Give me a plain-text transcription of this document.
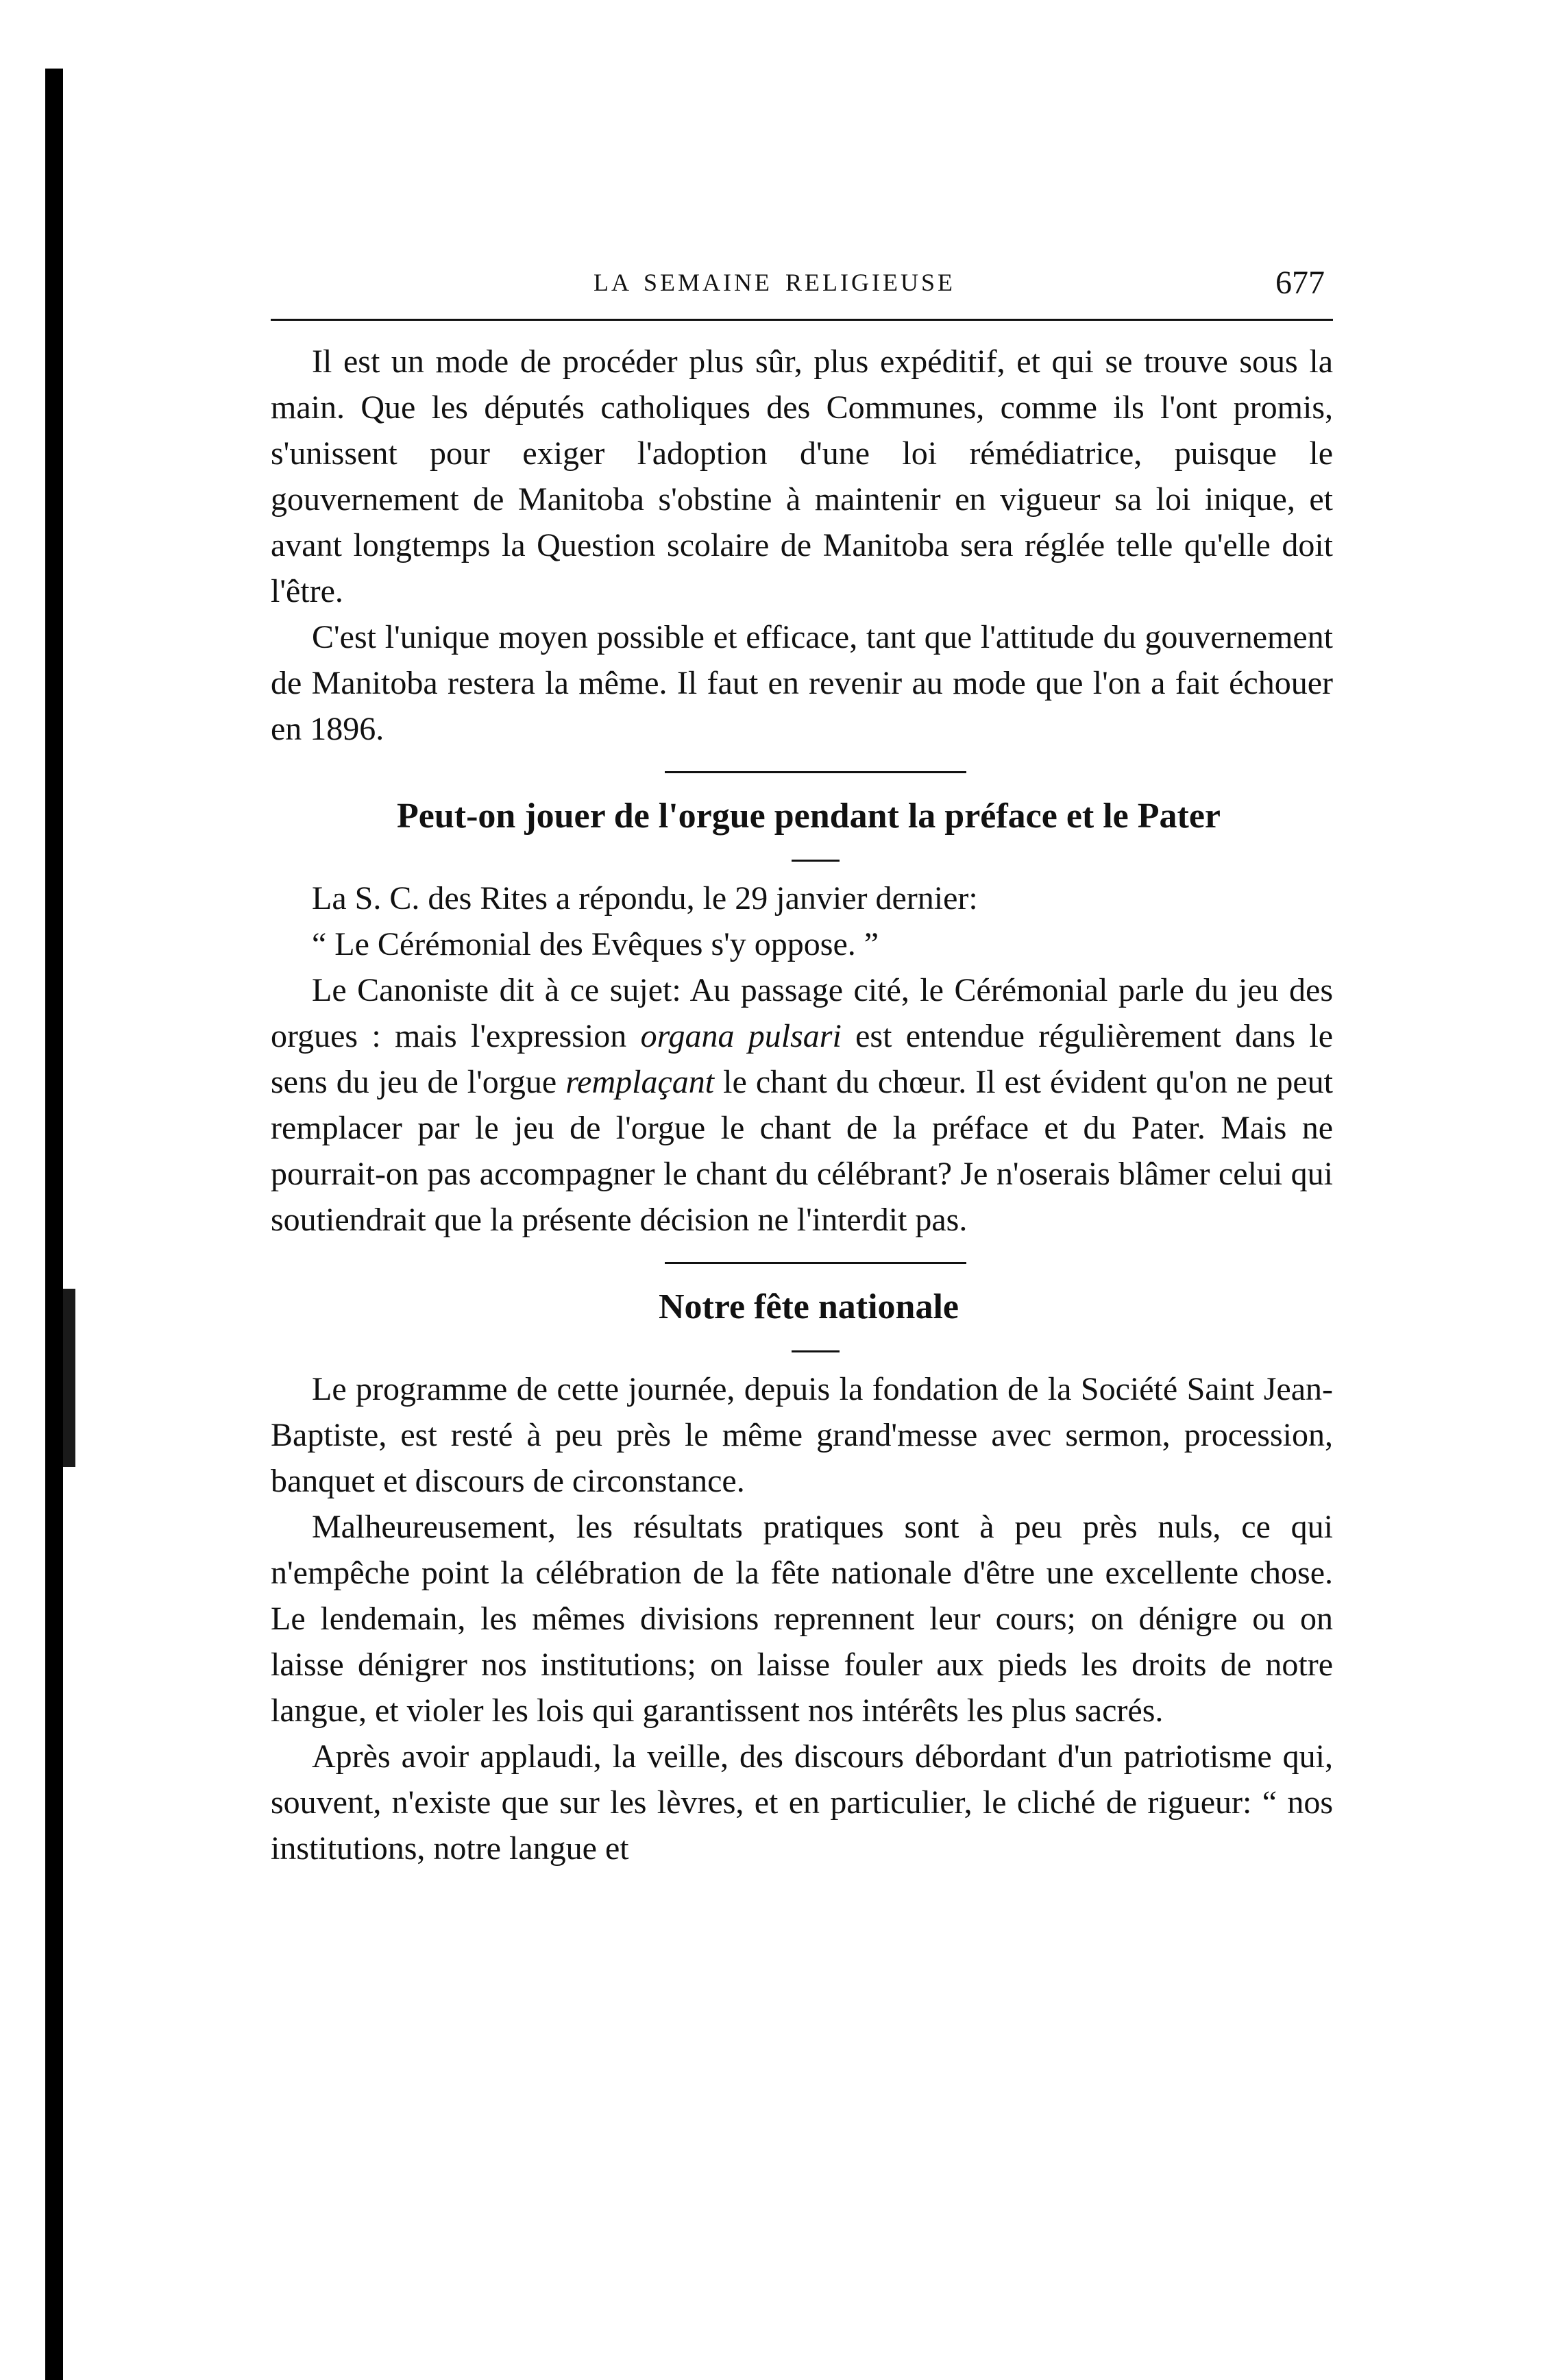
LA SEMAINE RELIGIEUSE	677

Il est un mode de procéder plus sûr, plus expéditif, et qui se trouve sous la main. Que les députés catholiques des Communes, comme ils l'ont promis, s'unissent pour exiger l'adoption d'une loi rémédiatrice, puisque le gouvernement de Manitoba s'obstine à maintenir en vigueur sa loi inique, et avant longtemps la Question scolaire de Manitoba sera réglée telle qu'elle doit l'être.

C'est l'unique moyen possible et efficace, tant que l'attitude du gouvernement de Manitoba restera la même. Il faut en revenir au mode que l'on a fait échouer en 1896.

Peut-on jouer de l'orgue pendant la préface et le Pater

La S. C. des Rites a répondu, le 29 janvier dernier:

“ Le Cérémonial des Evêques s'y oppose. ”

Le Canoniste dit à ce sujet: Au passage cité, le Cérémonial parle du jeu des orgues : mais l'expression organa pulsari est entendue régulièrement dans le sens du jeu de l'orgue remplaçant le chant du chœur. Il est évident qu'on ne peut remplacer par le jeu de l'orgue le chant de la préface et du Pater. Mais ne pourrait-on pas accompagner le chant du célébrant? Je n'oserais blâmer celui qui soutiendrait que la présente décision ne l'interdit pas.

Notre fête nationale

Le programme de cette journée, depuis la fondation de la Société Saint Jean-Baptiste, est resté à peu près le même grand'messe avec sermon, procession, banquet et discours de circonstance.

Malheureusement, les résultats pratiques sont à peu près nuls, ce qui n'empêche point la célébration de la fête nationale d'être une excellente chose. Le lendemain, les mêmes divisions reprennent leur cours; on dénigre ou on laisse dénigrer nos institutions; on laisse fouler aux pieds les droits de notre langue, et violer les lois qui garantissent nos intérêts les plus sacrés.

Après avoir applaudi, la veille, des discours débordant d'un patriotisme qui, souvent, n'existe que sur les lèvres, et en particulier, le cliché de rigueur: “ nos institutions, notre langue et
